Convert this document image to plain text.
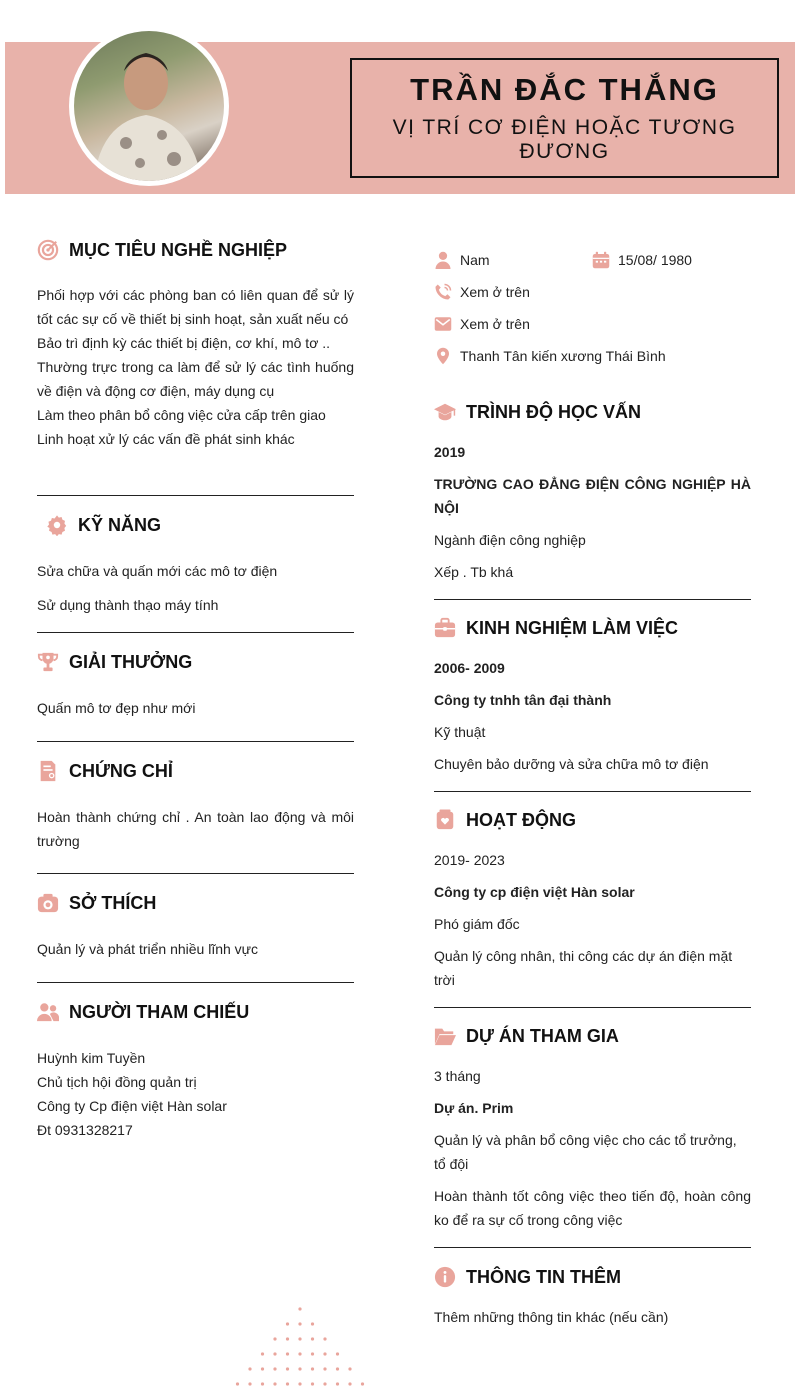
TRẦN ĐẮC THẮNG
VỊ TRÍ CƠ ĐIỆN HOẶC TƯƠNG ĐƯƠNG
MỤC TIÊU NGHỀ NGHIỆP
Phối hợp với các phòng ban có liên quan để sử lý tốt các sự cố về thiết bị sinh hoạt, sản xuất nếu có
Bảo trì định kỳ các thiết bị điện, cơ khí, mô tơ ..
Thường trực trong ca làm để sử lý các tình huống về điện và động cơ điện, máy dụng cụ
Làm theo phân bổ công việc cửa cấp trên giao
Linh hoạt xử lý các vấn đề phát sinh khác
KỸ NĂNG
Sửa chữa và quấn mới các mô tơ điện
Sử dụng thành thạo máy tính
GIẢI THƯỞNG
Quấn mô tơ đẹp như mới
CHỨNG CHỈ
Hoàn thành chứng chỉ . An toàn lao động và môi trường
SỞ THÍCH
Quản lý và phát triển nhiều lĩnh vực
NGƯỜI THAM CHIẾU
Huỳnh kim Tuyền
Chủ tịch hội đồng quản trị
Công ty Cp điện việt Hàn solar
Đt 0931328217
Nam	15/08/ 1980
Xem ở trên
Xem ở trên
Thanh Tân kiến xương Thái Bình
TRÌNH ĐỘ HỌC VẤN
2019
TRƯỜNG CAO ĐẲNG ĐIỆN CÔNG NGHIỆP HÀ NỘI
Ngành điện công nghiệp
Xếp . Tb khá
KINH NGHIỆM LÀM VIỆC
2006- 2009
Công ty tnhh tân đại thành
Kỹ thuật
Chuyên bảo dưỡng và sửa chữa mô tơ điện
HOẠT ĐỘNG
2019- 2023
Công ty cp điện việt Hàn solar
Phó giám đốc
Quản lý công nhân, thi công các dự án điện mặt trời
DỰ ÁN THAM GIA
3 tháng
Dự án. Prim
Quản lý và phân bổ công việc cho các tổ trưởng, tổ đội
Hoàn thành tốt công việc theo tiến độ, hoàn công ko để ra sự cố trong công việc
THÔNG TIN THÊM
Thêm những thông tin khác (nếu cần)
